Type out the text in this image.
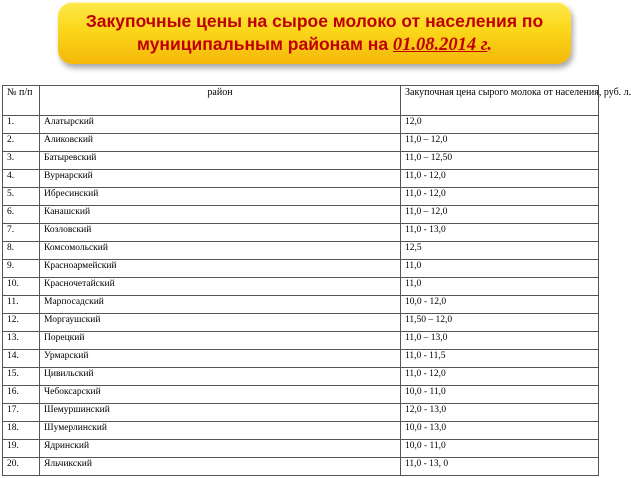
Закупочные цены на сырое молоко от населения по
муниципальным районам на 01.08.2014 г.
№ п/п	район	Закупочная цена сырого молока от населения, руб. л.
1.	Алатырский	12,0
2.	Аликовский	11,0 – 12,0
3.	Батыревский	11,0 – 12,50
4.	Вурнарский	11,0 - 12,0
5.	Ибресинский	11,0 - 12,0
6.	Канашский	11,0 – 12,0
7.	Козловский	11,0 - 13,0
8.	Комсомольский	12,5
9.	Красноармейский	11,0
10.	Красночетайский	11,0
11.	Марпосадский	10,0 - 12,0
12.	Моргаушский	11,50 – 12,0
13.	Порецкий	11,0 – 13,0
14.	Урмарский	11,0 - 11,5
15.	Цивильский	11,0 - 12,0
16.	Чебоксарский	10,0 - 11,0
17.	Шемуршинский	12,0 - 13,0
18.	Шумерлинский	10,0 - 13,0
19.	Ядринский	10,0 - 11,0
20.	Яльчикский	11,0 - 13, 0
